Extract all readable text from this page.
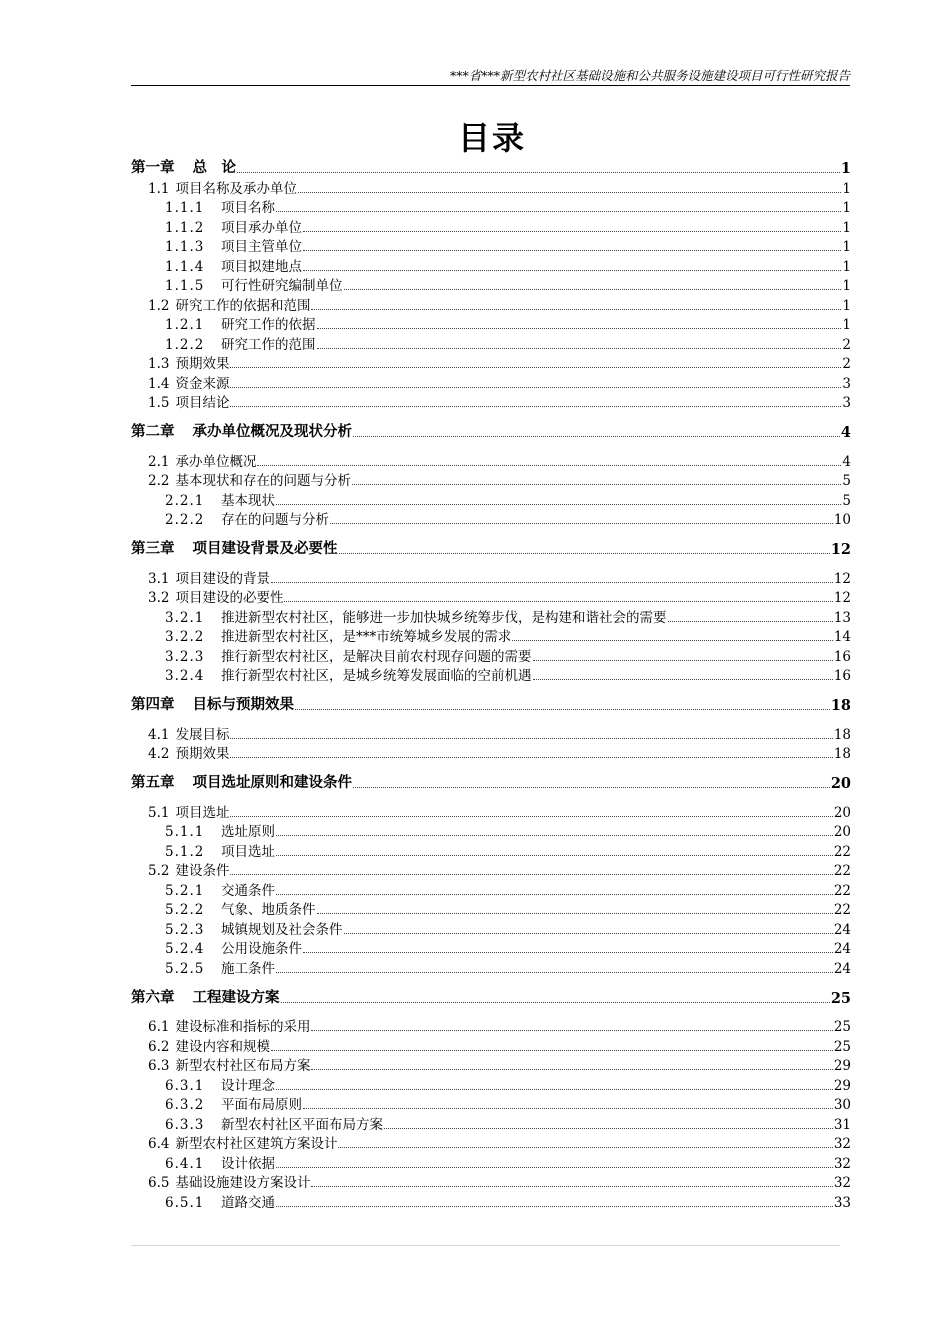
***省***新型农村社区基础设施和公共服务设施建设项目可行性研究报告
目录
第一章 总　论	1
1.1 项目名称及承办单位	1
1.1.1 项目名称	1
1.1.2 项目承办单位	1
1.1.3 项目主管单位	1
1.1.4 项目拟建地点	1
1.1.5 可行性研究编制单位	1
1.2 研究工作的依据和范围	1
1.2.1 研究工作的依据	1
1.2.2 研究工作的范围	2
1.3 预期效果	2
1.4 资金来源	3
1.5 项目结论	3
第二章 承办单位概况及现状分析	4
2.1 承办单位概况	4
2.2 基本现状和存在的问题与分析	5
2.2.1 基本现状	5
2.2.2 存在的问题与分析	10
第三章 项目建设背景及必要性	12
3.1 项目建设的背景	12
3.2 项目建设的必要性	12
3.2.1 推进新型农村社区，能够进一步加快城乡统筹步伐，是构建和谐社会的需要	13
3.2.2 推进新型农村社区，是***市统筹城乡发展的需求	14
3.2.3 推行新型农村社区，是解决目前农村现存问题的需要	16
3.2.4 推行新型农村社区，是城乡统筹发展面临的空前机遇	16
第四章 目标与预期效果	18
4.1 发展目标	18
4.2 预期效果	18
第五章 项目选址原则和建设条件	20
5.1 项目选址	20
5.1.1 选址原则	20
5.1.2 项目选址	22
5.2 建设条件	22
5.2.1 交通条件	22
5.2.2 气象、地质条件	22
5.2.3 城镇规划及社会条件	24
5.2.4 公用设施条件	24
5.2.5 施工条件	24
第六章 工程建设方案	25
6.1 建设标准和指标的采用	25
6.2 建设内容和规模	25
6.3 新型农村社区布局方案	29
6.3.1 设计理念	29
6.3.2 平面布局原则	30
6.3.3 新型农村社区平面布局方案	31
6.4 新型农村社区建筑方案设计	32
6.4.1 设计依据	32
6.5 基础设施建设方案设计	32
6.5.1 道路交通	33
